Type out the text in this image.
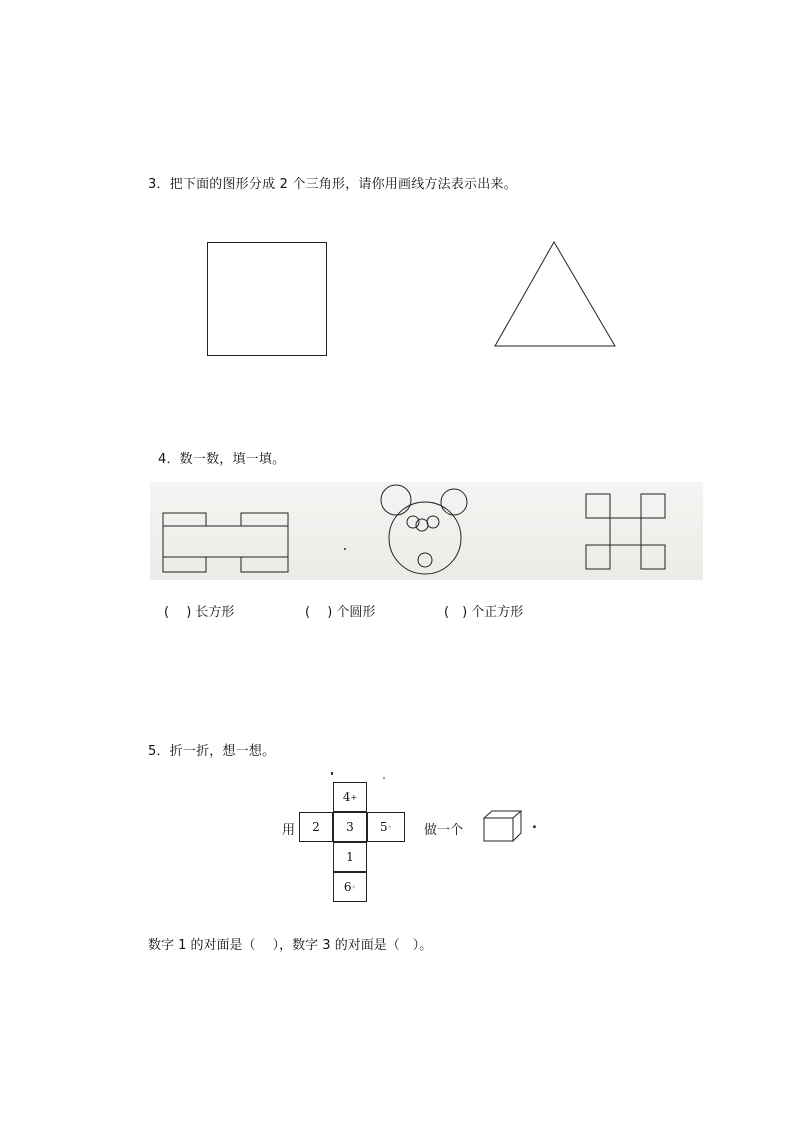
3．把下面的图形分成 2 个三角形，请你用画线方法表示出来。
4．数一数，填一填。
(　 ) 长方形	(　 ) 个圆形	(　) 个正方形
5．折一折，想一想。
用
4 +
2 3 5 ◦
1
6 ◦
做一个	.
数字 1 的对面是（　 ），数字 3 的对面是（　）。
